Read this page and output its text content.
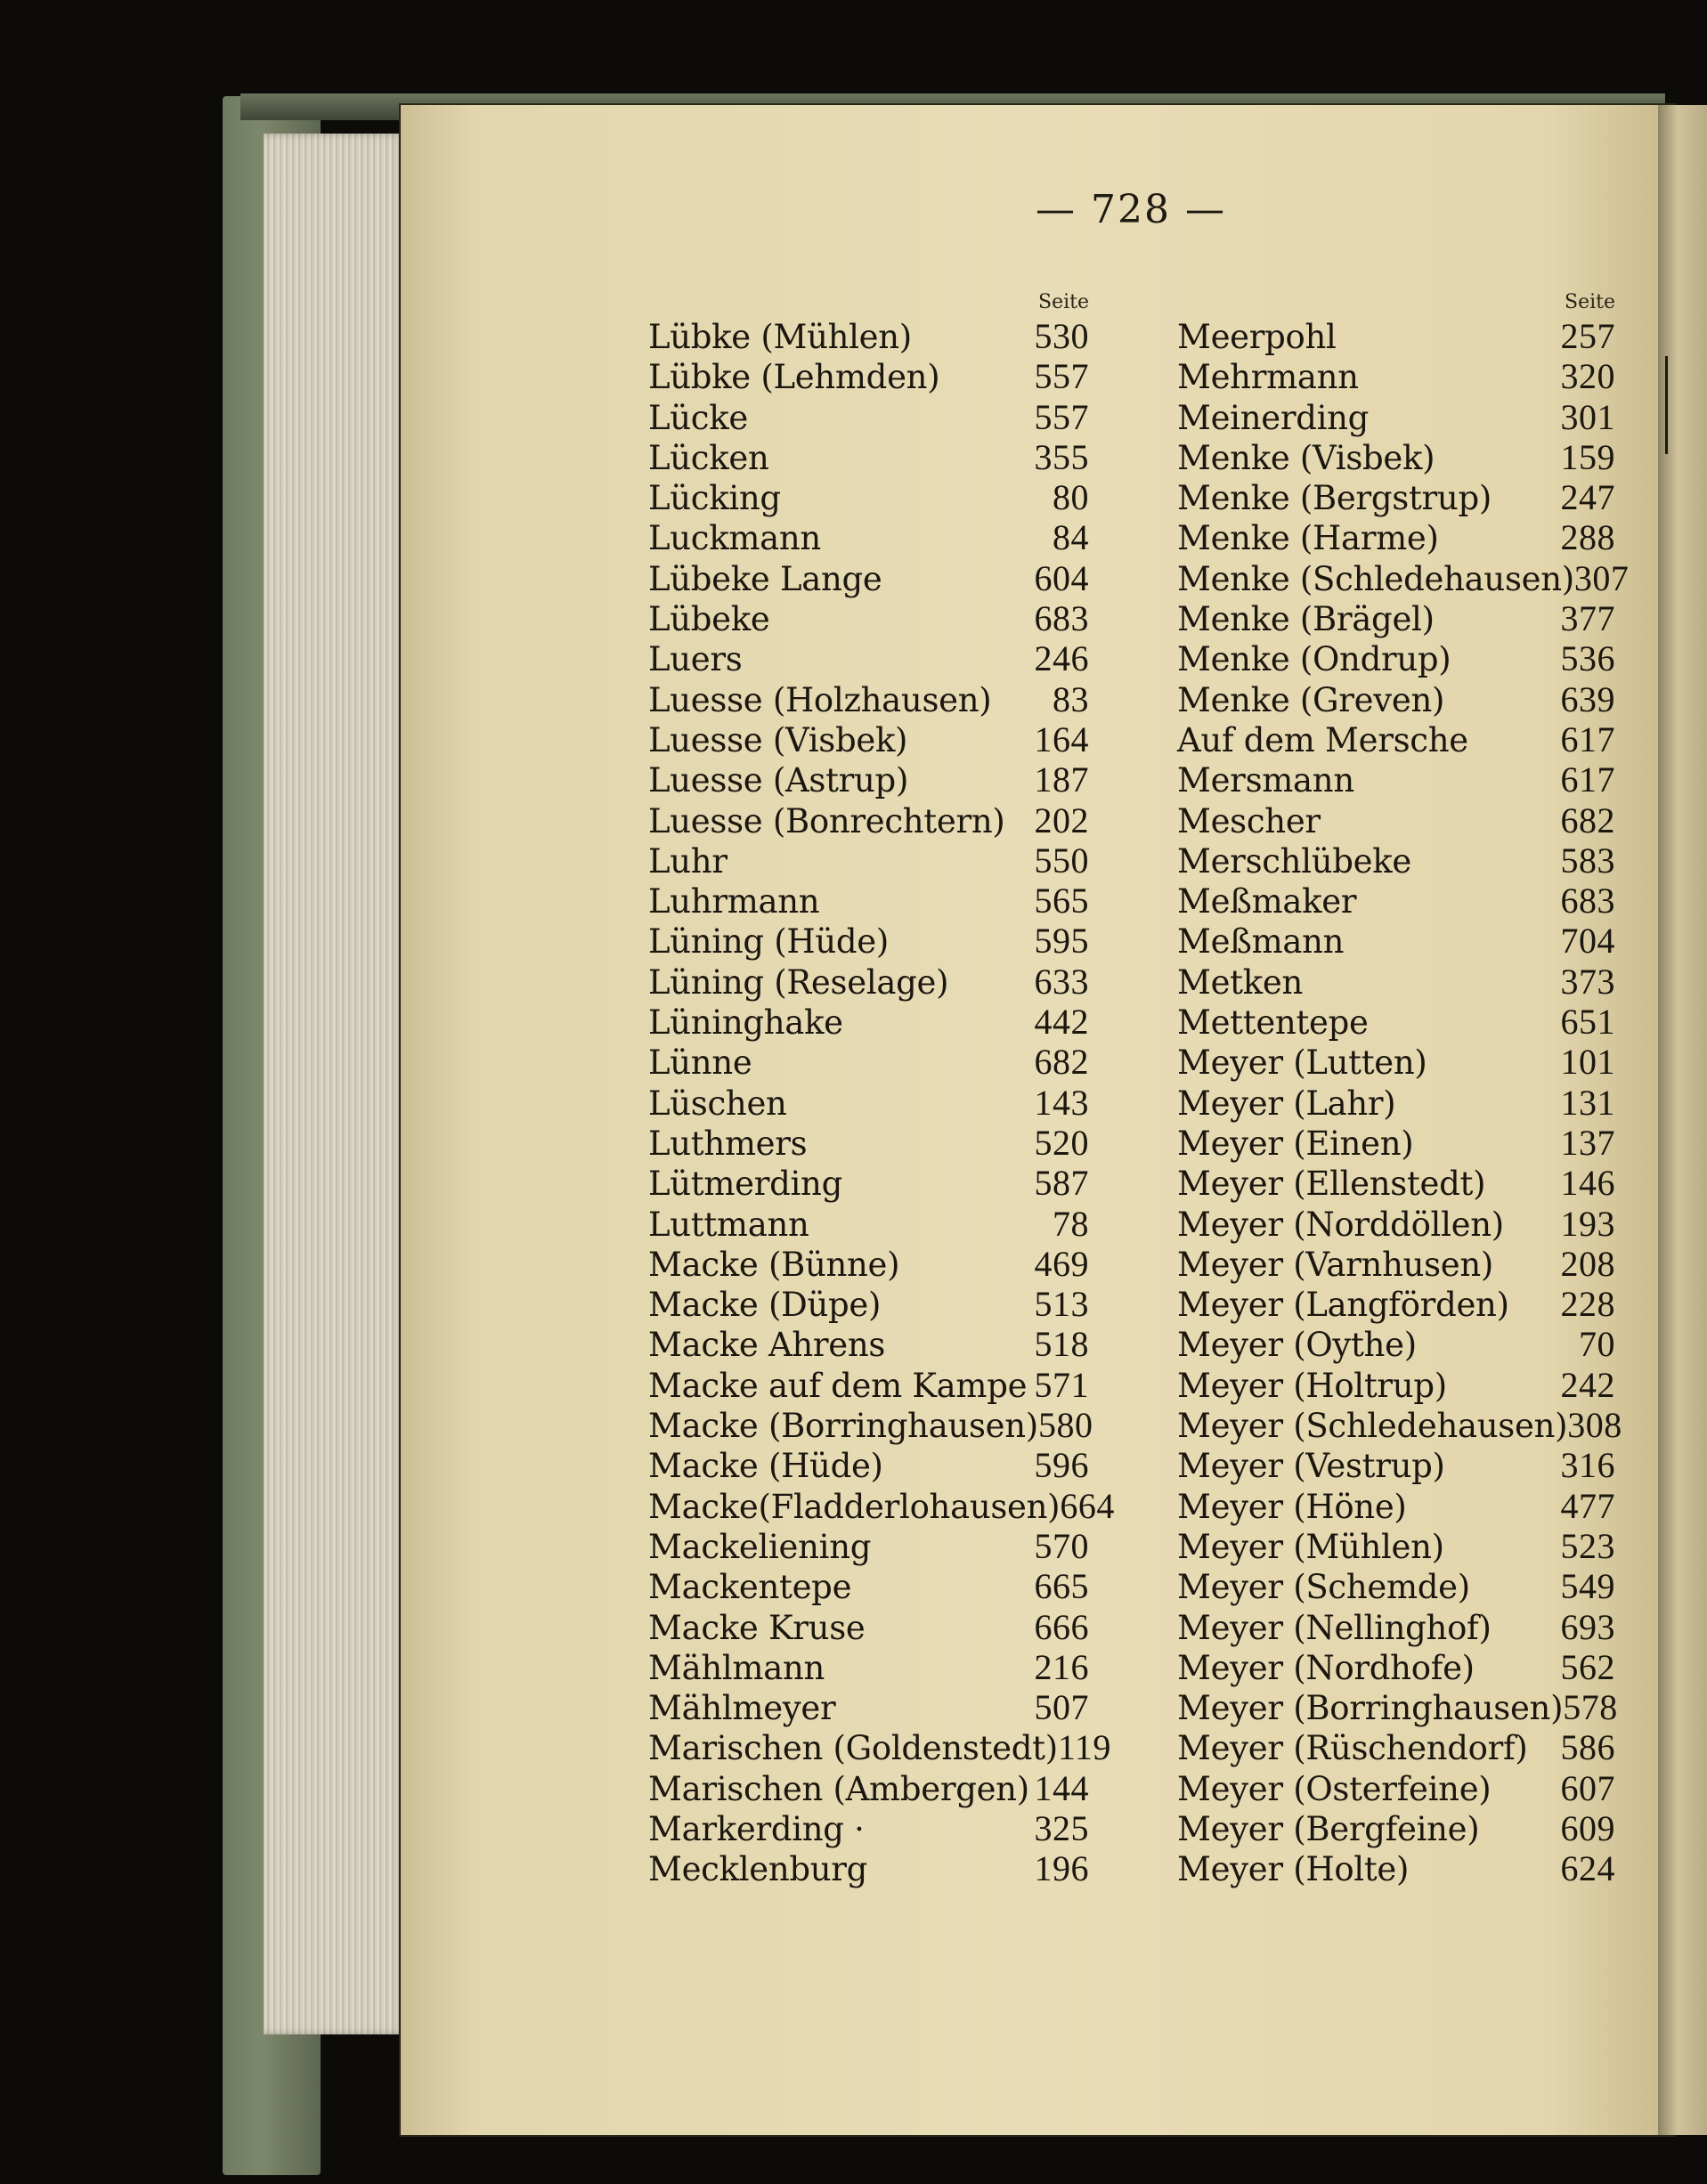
— 728 —
Seite
Lübke (Mühlen)	530
Lübke (Lehmden)	557
Lücke	557
Lücken	355
Lücking	80
Luckmann	84
Lübeke Lange	604
Lübeke	683
Luers	246
Luesse (Holzhausen) 83
Luesse (Visbek)	164
Luesse (Astrup)	187
Luesse (Bonrechtern) 202
Luhr	550
Luhrmann	565
Lüning (Hüde)	595
Lüning (Reselage) 633
Lüninghake	442
Lünne	682
Lüschen	143
Luthmers	520
Lütmerding	587
Luttmann	78
Macke (Bünne)	469
Macke (Düpe)	513
Macke Ahrens	518
Macke auf dem Kampe 571
Macke (Borringhausen) 580
Macke (Hüde)	596
Macke(Fladderlohausen) 664
Mackeliening	570
Mackentepe	665
Macke Kruse	666
Mählmann	216
Mählmeyer	507
Marischen (Goldenstedt) 119
Marischen (Ambergen) 144
Markerding ·	325
Mecklenburg	196
Seite
Meerpohl	257
Mehrmann	320
Meinerding	301
Menke (Visbek)	159
Menke (Bergstrup) 247
Menke (Harme)	288
Menke (Schledehausen) 307
Menke (Brägel)	377
Menke (Ondrup)	536
Menke (Greven)	639
Auf dem Mersche	617
Mersmann	617
Mescher	682
Merschlübeke	583
Meßmaker	683
Meßmann	704
Metken	373
Mettentepe	651
Meyer (Lutten)	101
Meyer (Lahr)	131
Meyer (Einen)	137
Meyer (Ellenstedt) 146
Meyer (Norddöllen) 193
Meyer (Varnhusen) 208
Meyer (Langförden) 228
Meyer (Oythe)	70
Meyer (Holtrup)	242
Meyer (Schledehausen) 308
Meyer (Vestrup)	316
Meyer (Höne)	477
Meyer (Mühlen)	523
Meyer (Schemde)	549
Meyer (Nellinghof) 693
Meyer (Nordhofe) 562
Meyer (Borringhausen) 578
Meyer (Rüschendorf) 586
Meyer (Osterfeine) 607
Meyer (Bergfeine) 609
Meyer (Holte)	624
